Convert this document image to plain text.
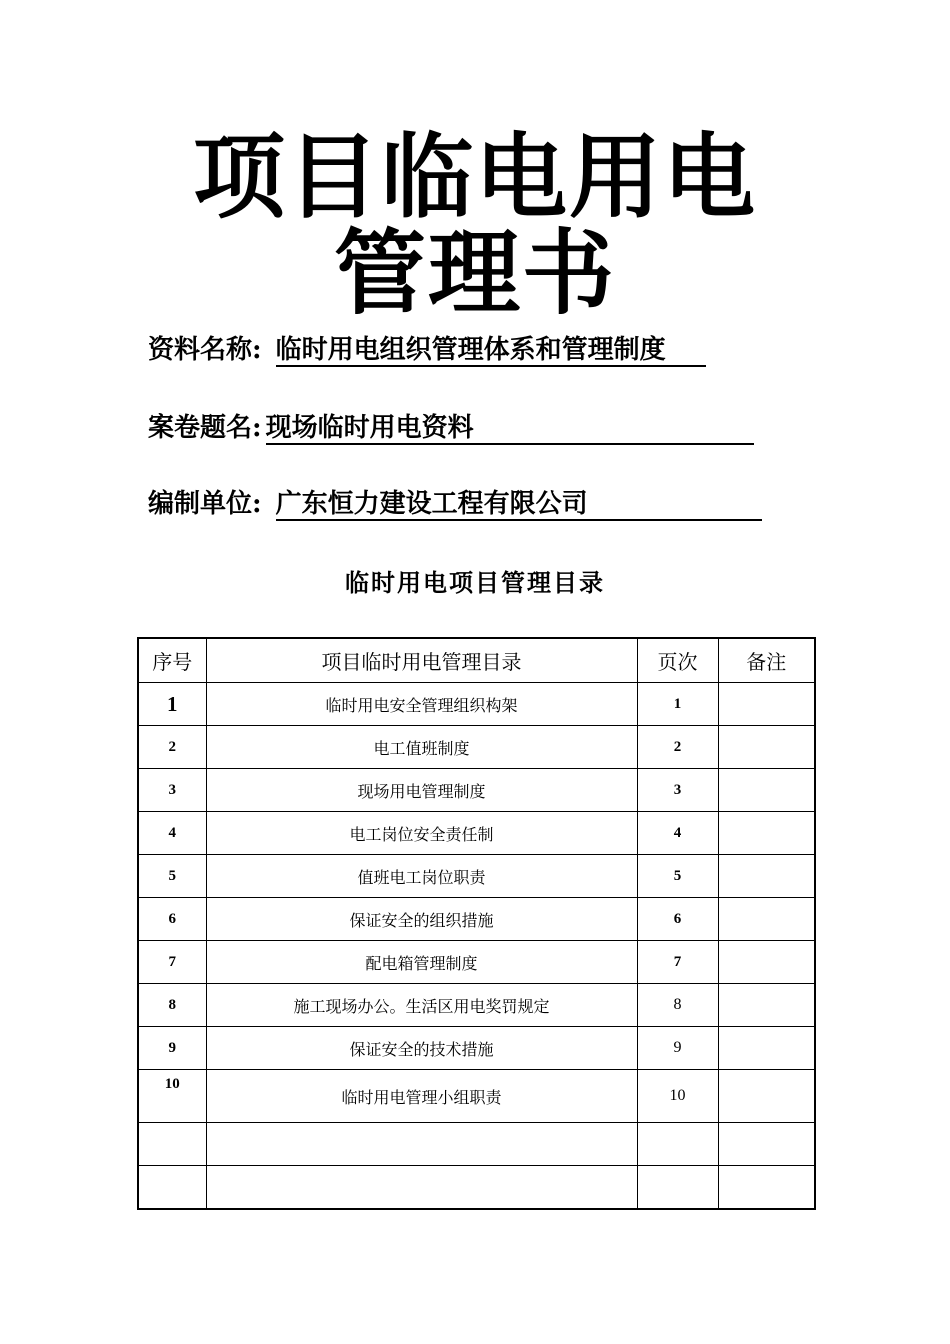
项目临电用电
管理书
资料名称: 临时用电组织管理体系和管理制度
案卷题名: 现场临时用电资料
编制单位: 广东恒力建设工程有限公司
临时用电项目管理目录
序号	项目临时用电管理目录	页次	备注
1	临时用电安全管理组织构架	1	
2	电工值班制度	2	
3	现场用电管理制度	3	
4	电工岗位安全责任制	4	
5	值班电工岗位职责	5	
6	保证安全的组织措施	6	
7	配电箱管理制度	7	
8	施工现场办公。生活区用电奖罚规定	8	
9	保证安全的技术措施	9	
10	临时用电管理小组职责	10	
